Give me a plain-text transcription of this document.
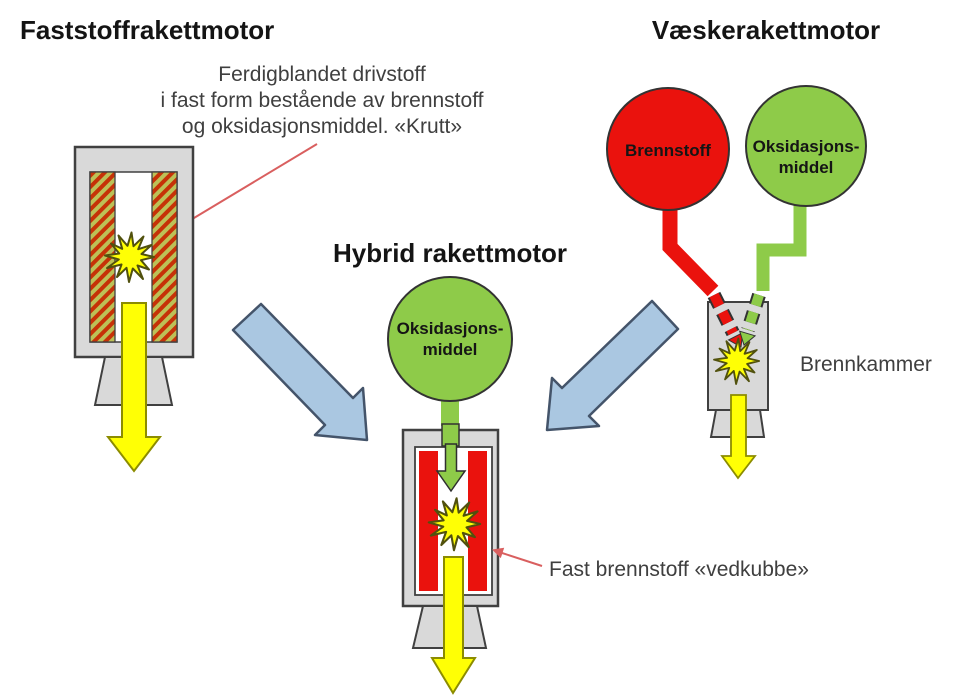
Faststoffrakettmotor	Væskerakettmotor
Hybrid rakettmotor
Ferdigblandet drivstoff
i fast form bestående av brennstoff
og oksidasjonsmiddel. «Krutt»
Brennstoff Oksidasjons-
middel
Brennkammer
Oksidasjons-
middel
Fast brennstoff «vedkubbe»
